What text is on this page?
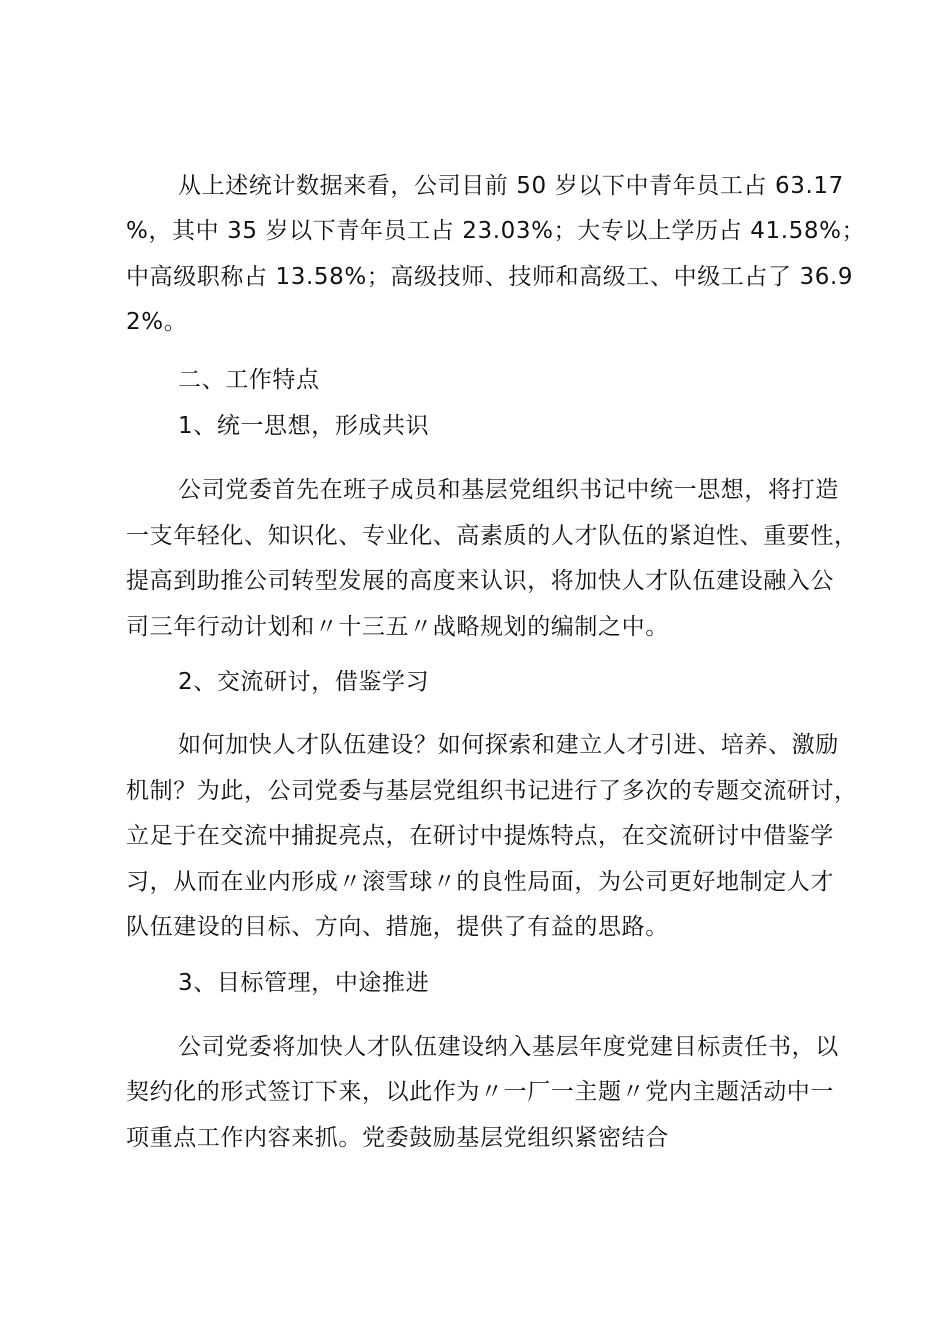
从上述统计数据来看，公司目前 50 岁以下中青年员工占 63.17
%，其中 35 岁以下青年员工占 23.03%；大专以上学历占 41.58%；
中高级职称占 13.58%；高级技师、技师和高级工、中级工占了 36.9
2%。
二、工作特点
1、统一思想，形成共识
公司党委首先在班子成员和基层党组织书记中统一思想，将打造
一支年轻化、知识化、专业化、高素质的人才队伍的紧迫性、重要性，
提高到助推公司转型发展的高度来认识，将加快人才队伍建设融入公
司三年行动计划和〃十三五〃战略规划的编制之中。
2、交流研讨，借鉴学习
如何加快人才队伍建设？如何探索和建立人才引进、培养、激励
机制？为此，公司党委与基层党组织书记进行了多次的专题交流研讨，
立足于在交流中捕捉亮点，在研讨中提炼特点，在交流研讨中借鉴学
习，从而在业内形成〃滚雪球〃的良性局面，为公司更好地制定人才
队伍建设的目标、方向、措施，提供了有益的思路。
3、目标管理，中途推进
公司党委将加快人才队伍建设纳入基层年度党建目标责任书，以
契约化的形式签订下来，以此作为〃一厂一主题〃党内主题活动中一
项重点工作内容来抓。党委鼓励基层党组织紧密结合
